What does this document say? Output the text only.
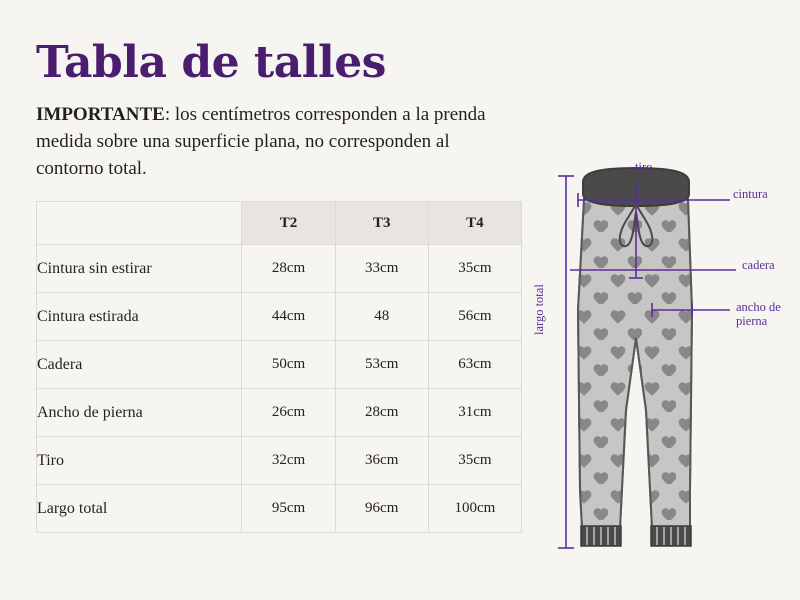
Tabla de talles

IMPORTANTE: los centímetros corresponden a la prenda medida sobre una superficie plana, no corresponden al contorno total.

	T2	T3	T4
Cintura sin estirar	28cm	33cm	35cm
Cintura estirada	44cm	48	56cm
Cadera	50cm	53cm	63cm
Ancho de pierna	26cm	28cm	31cm
Tiro	32cm	36cm	35cm
Largo total	95cm	96cm	100cm
tiro
cintura
cadera
ancho de pierna
largo total
